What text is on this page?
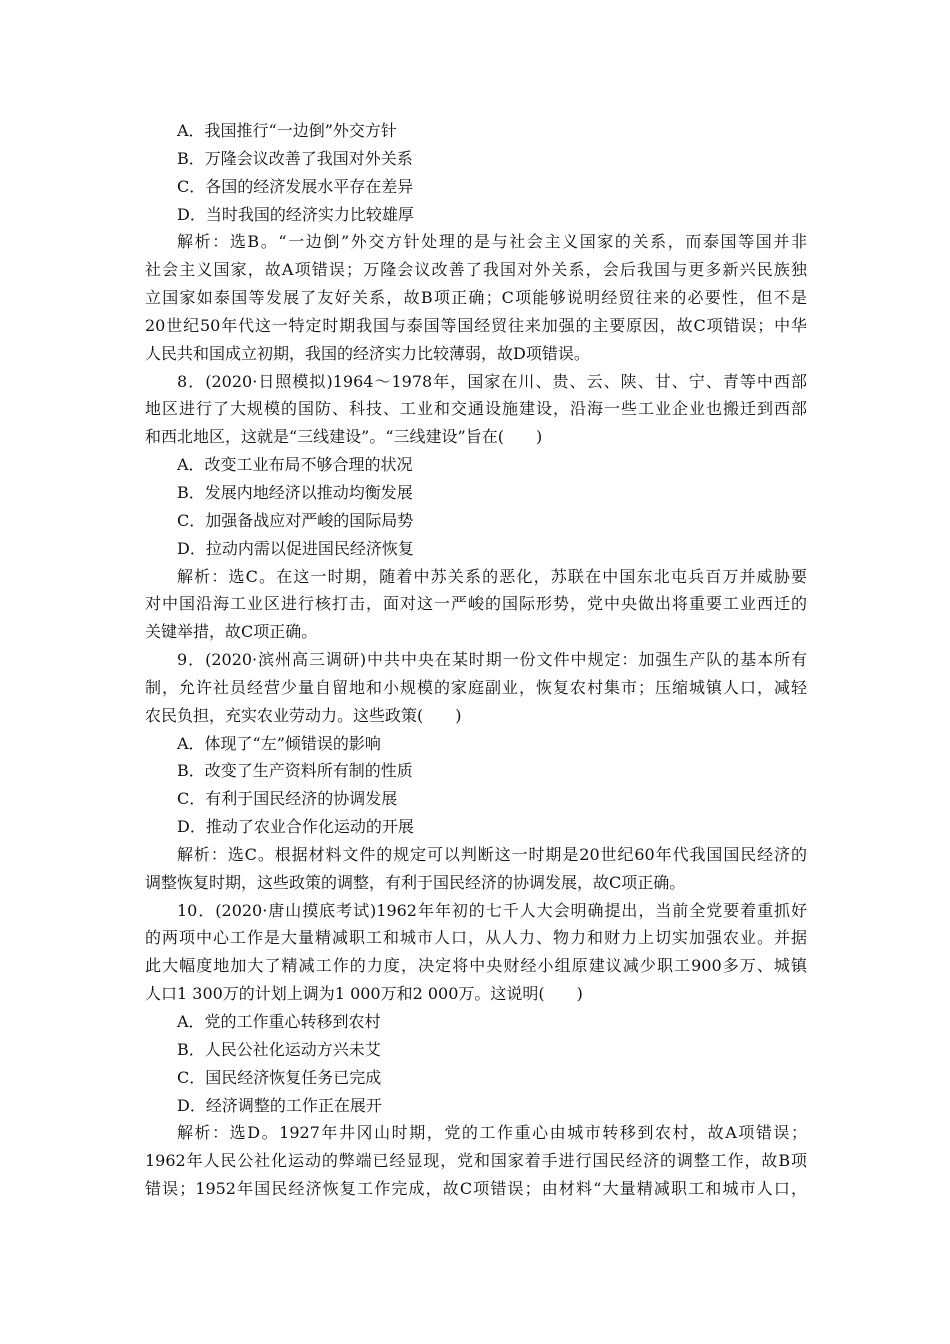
A．我国推行“一边倒”外交方针
B．万隆会议改善了我国对外关系
C．各国的经济发展水平存在差异
D．当时我国的经济实力比较雄厚
解析：选B。“一边倒”外交方针处理的是与社会主义国家的关系，而泰国等国并非
社会主义国家，故A项错误；万隆会议改善了我国对外关系，会后我国与更多新兴民族独
立国家如泰国等发展了友好关系，故B项正确；C项能够说明经贸往来的必要性，但不是
20世纪50年代这一特定时期我国与泰国等国经贸往来加强的主要原因，故C项错误；中华
人民共和国成立初期，我国的经济实力比较薄弱，故D项错误。
8．(2020·日照模拟)1964～1978年，国家在川、贵、云、陕、甘、宁、青等中西部
地区进行了大规模的国防、科技、工业和交通设施建设，沿海一些工业企业也搬迁到西部
和西北地区，这就是“三线建设”。“三线建设”旨在(　　)
A．改变工业布局不够合理的状况
B．发展内地经济以推动均衡发展
C．加强备战应对严峻的国际局势
D．拉动内需以促进国民经济恢复
解析：选C。在这一时期，随着中苏关系的恶化，苏联在中国东北屯兵百万并威胁要
对中国沿海工业区进行核打击，面对这一严峻的国际形势，党中央做出将重要工业西迁的
关键举措，故C项正确。
9．(2020·滨州高三调研)中共中央在某时期一份文件中规定：加强生产队的基本所有
制，允许社员经营少量自留地和小规模的家庭副业，恢复农村集市；压缩城镇人口，减轻
农民负担，充实农业劳动力。这些政策(　　)
A．体现了“左”倾错误的影响
B．改变了生产资料所有制的性质
C．有利于国民经济的协调发展
D．推动了农业合作化运动的开展
解析：选C。根据材料文件的规定可以判断这一时期是20世纪60年代我国国民经济的
调整恢复时期，这些政策的调整，有利于国民经济的协调发展，故C项正确。
10．(2020·唐山摸底考试)1962年年初的七千人大会明确提出，当前全党要着重抓好
的两项中心工作是大量精减职工和城市人口，从人力、物力和财力上切实加强农业。并据
此大幅度地加大了精减工作的力度，决定将中央财经小组原建议减少职工900多万、城镇
人口1 300万的计划上调为1 000万和2 000万。这说明(　　)
A．党的工作重心转移到农村
B．人民公社化运动方兴未艾
C．国民经济恢复任务已完成
D．经济调整的工作正在展开
解析：选D。1927年井冈山时期，党的工作重心由城市转移到农村，故A项错误；
1962年人民公社化运动的弊端已经显现，党和国家着手进行国民经济的调整工作，故B项
错误；1952年国民经济恢复工作完成，故C项错误；由材料“大量精减职工和城市人口，
